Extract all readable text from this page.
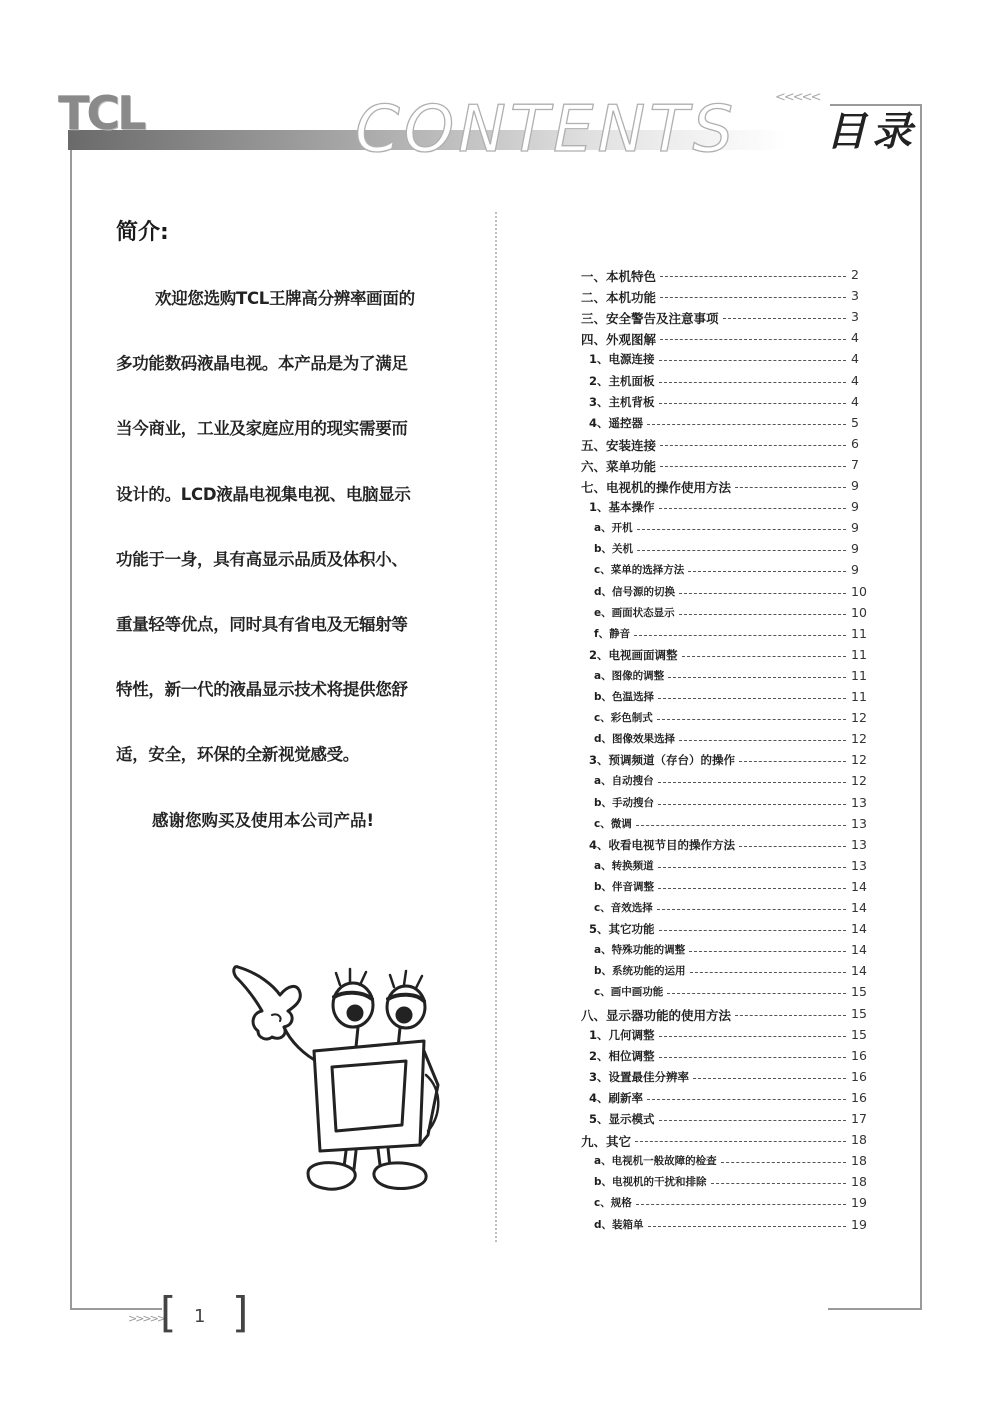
TCL	CONTENTS	<<<<<
目录
简介:
欢迎您选购TCL王牌高分辨率画面的
多功能数码液晶电视。本产品是为了满足
当今商业，工业及家庭应用的现实需要而
设计的。LCD液晶电视集电视、电脑显示
功能于一身，具有高显示品质及体积小、
重量轻等优点，同时具有省电及无辐射等
特性，新一代的液晶显示技术将提供您舒
适，安全，环保的全新视觉感受。
感谢您购买及使用本公司产品!
一、本机特色	2
二、本机功能	3
三、安全警告及注意事项	3
四、外观图解	4
1、电源连接	4
2、主机面板	4
3、主机背板	4
4、遥控器	5
五、安装连接	6
六、菜单功能	7
七、电视机的操作使用方法	9
1、基本操作	9
a、开机	9
b、关机	9
c、菜单的选择方法	9
d、信号源的切换	10
e、画面状态显示	10
f、静音	11
2、电视画面调整	11
a、图像的调整	11
b、色温选择	11
c、彩色制式	12
d、图像效果选择	12
3、预调频道（存台）的操作	12
a、自动搜台	12
b、手动搜台	13
c、微调	13
4、收看电视节目的操作方法	13
a、转换频道	13
b、伴音调整	14
c、音效选择	14
5、其它功能	14
a、特殊功能的调整	14
b、系统功能的运用	14
c、画中画功能	15
八、显示器功能的使用方法	15
1、几何调整	15
2、相位调整	16
3、设置最佳分辨率	16
4、刷新率	16
5、显示模式	17
九、其它	18
a、电视机一般故障的检查	18
b、电视机的干扰和排除	18
c、规格	19
d、装箱单	19
>>>>>
[ 1 ]
